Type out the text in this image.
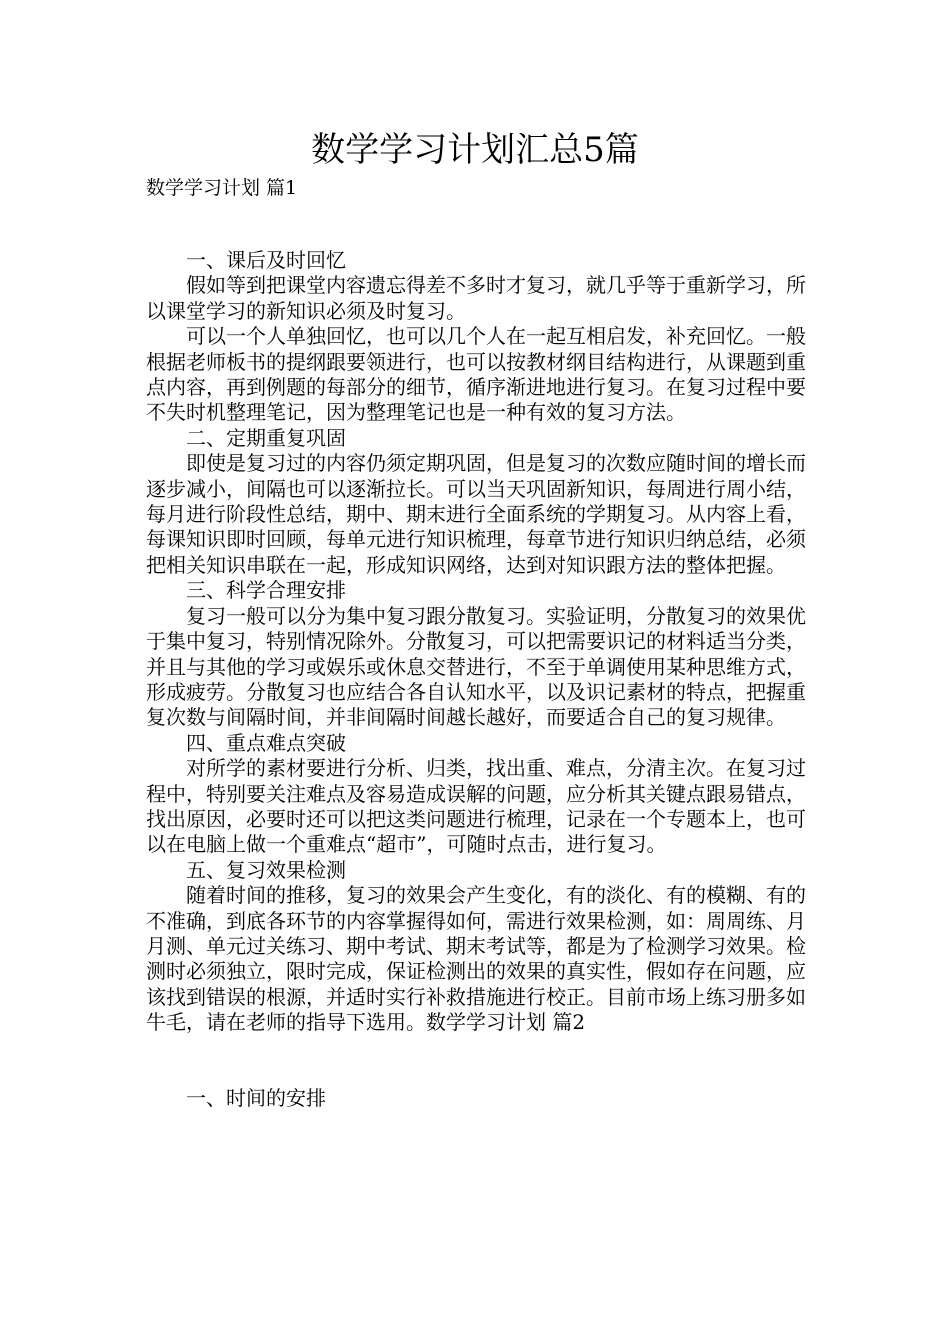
数学学习计划汇总5篇
数学学习计划 篇1

一、课后及时回忆

假如等到把课堂内容遗忘得差不多时才复习，就几乎等于重新学习，所以课堂学习的新知识必须及时复习。

可以一个人单独回忆，也可以几个人在一起互相启发，补充回忆。一般根据老师板书的提纲跟要领进行，也可以按教材纲目结构进行，从课题到重点内容，再到例题的每部分的细节，循序渐进地进行复习。在复习过程中要不失时机整理笔记，因为整理笔记也是一种有效的复习方法。

二、定期重复巩固

即使是复习过的内容仍须定期巩固，但是复习的次数应随时间的增长而逐步减小，间隔也可以逐渐拉长。可以当天巩固新知识，每周进行周小结，每月进行阶段性总结，期中、期末进行全面系统的学期复习。从内容上看，每课知识即时回顾，每单元进行知识梳理，每章节进行知识归纳总结，必须把相关知识串联在一起，形成知识网络，达到对知识跟方法的整体把握。

三、科学合理安排

复习一般可以分为集中复习跟分散复习。实验证明，分散复习的效果优于集中复习，特别情况除外。分散复习，可以把需要识记的材料适当分类，并且与其他的学习或娱乐或休息交替进行，不至于单调使用某种思维方式，形成疲劳。分散复习也应结合各自认知水平，以及识记素材的特点，把握重复次数与间隔时间，并非间隔时间越长越好，而要适合自己的复习规律。

四、重点难点突破

对所学的素材要进行分析、归类，找出重、难点，分清主次。在复习过程中，特别要关注难点及容易造成误解的问题，应分析其关键点跟易错点，找出原因，必要时还可以把这类问题进行梳理，记录在一个专题本上，也可以在电脑上做一个重难点“超市”，可随时点击，进行复习。

五、复习效果检测

随着时间的推移，复习的效果会产生变化，有的淡化、有的模糊、有的不准确，到底各环节的内容掌握得如何，需进行效果检测，如：周周练、月月测、单元过关练习、期中考试、期末考试等，都是为了检测学习效果。检测时必须独立，限时完成，保证检测出的效果的真实性，假如存在问题，应该找到错误的根源，并适时实行补救措施进行校正。目前市场上练习册多如牛毛，请在老师的指导下选用。数学学习计划 篇2

一、时间的安排
